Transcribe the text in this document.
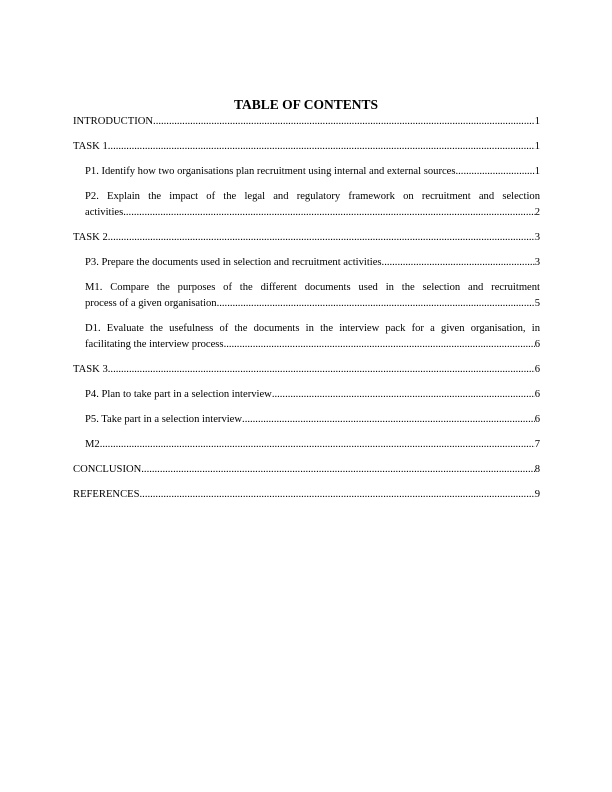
TABLE OF CONTENTS
INTRODUCTION .....	1
TASK 1 .....	1
P1. Identify how two organisations plan recruitment using internal and external sources .....	1
P2. Explain the impact of the legal and regulatory framework on recruitment and selection
activities .....	2
TASK 2 .....	3
P3. Prepare the documents used in selection and recruitment activities .....	3
M1. Compare the purposes of the different documents used in the selection and recruitment
process of a given organisation .....	5
D1. Evaluate the usefulness of the documents in the interview pack for a given organisation, in
facilitating the interview process .....	6
TASK 3 .....	6
P4. Plan to take part in a selection interview .....	6
P5. Take part in a selection interview .....	6
M2 .....	7
CONCLUSION .....	8
REFERENCES .....	9
